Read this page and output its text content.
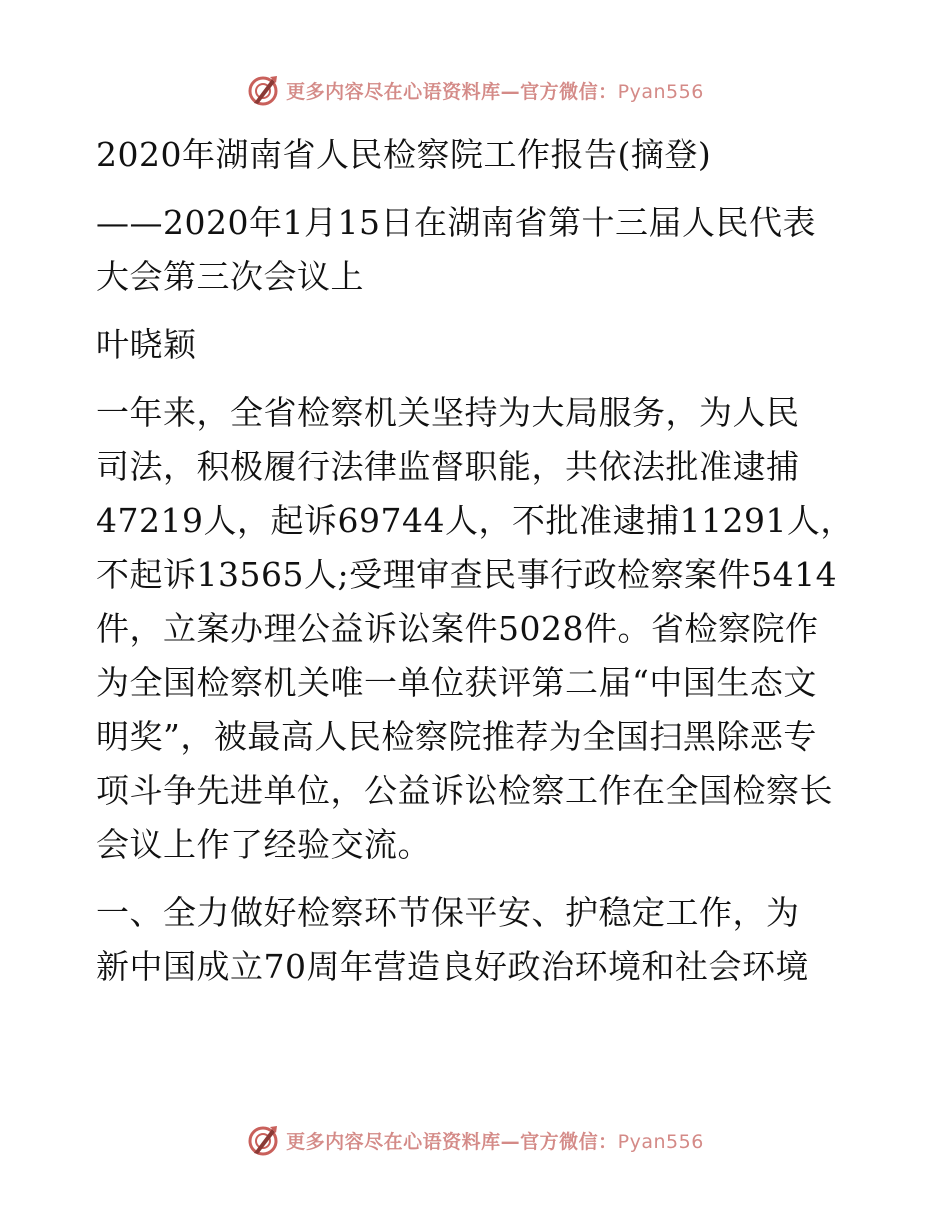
更多内容尽在心语资料库—官方微信：Pyan556
2020年湖南省人民检察院工作报告(摘登)
——2020年1月15日在湖南省第十三届人民代表
大会第三次会议上
叶晓颖
一年来，全省检察机关坚持为大局服务，为人民
司法，积极履行法律监督职能，共依法批准逮捕
47219人，起诉69744人，不批准逮捕11291人，
不起诉13565人;受理审查民事行政检察案件5414
件，立案办理公益诉讼案件5028件。省检察院作
为全国检察机关唯一单位获评第二届“中国生态文
明奖”，被最高人民检察院推荐为全国扫黑除恶专
项斗争先进单位，公益诉讼检察工作在全国检察长
会议上作了经验交流。
一、全力做好检察环节保平安、护稳定工作，为
新中国成立70周年营造良好政治环境和社会环境
更多内容尽在心语资料库—官方微信：Pyan556
